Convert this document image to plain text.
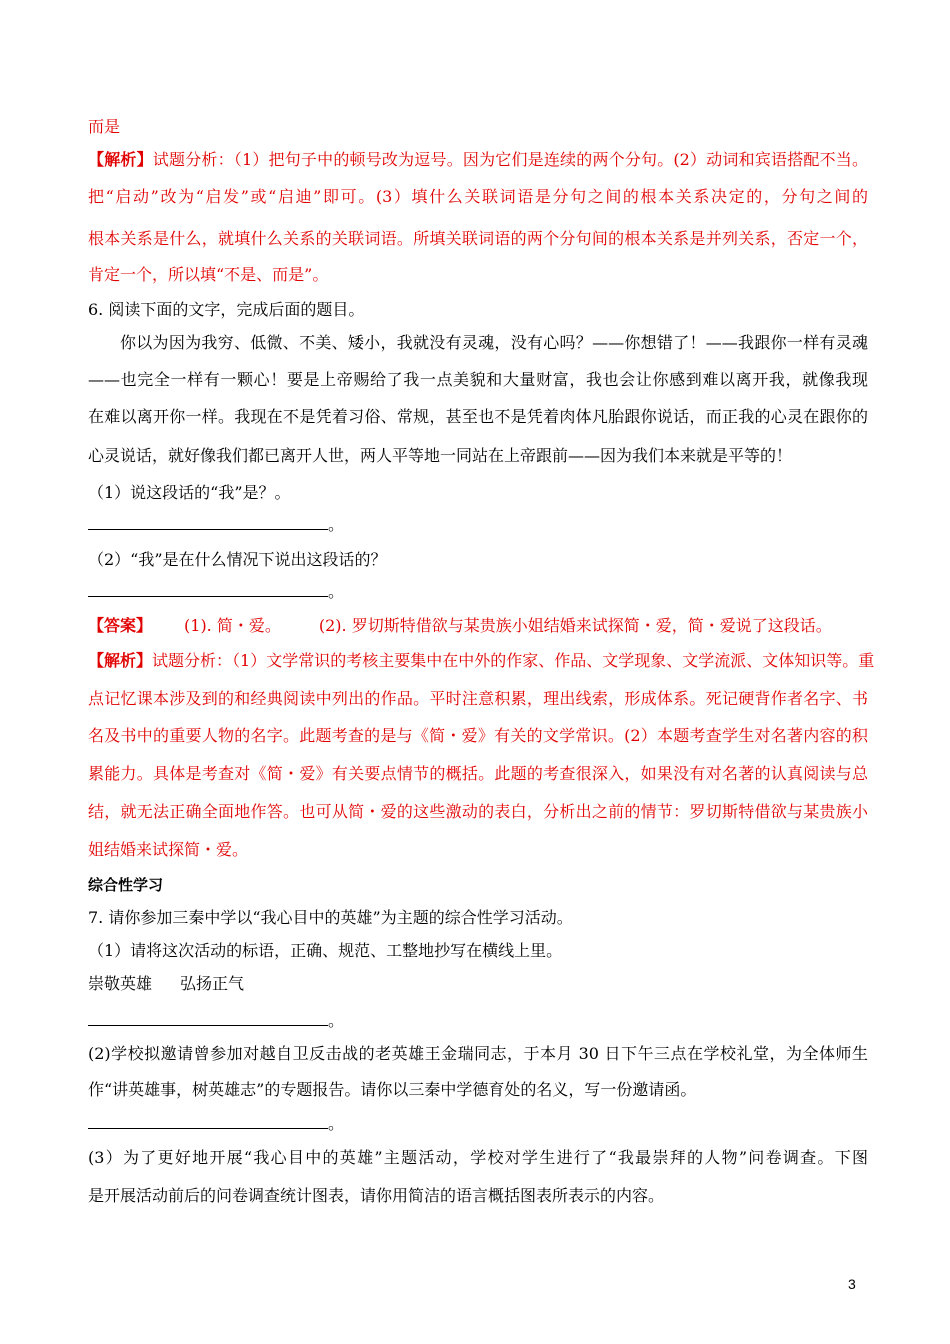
而是
【解析】试题分析：（1）把句子中的顿号改为逗号。因为它们是连续的两个分句。(2）动词和宾语搭配不当。
把“启动”改为“启发”或“启迪”即可。(3）填什么关联词语是分句之间的根本关系决定的，分句之间的
根本关系是什么，就填什么关系的关联词语。所填关联词语的两个分句间的根本关系是并列关系，否定一个，
肯定一个，所以填“不是、而是”。
6. 阅读下面的文字，完成后面的题目。
你以为因为我穷、低微、不美、矮小，我就没有灵魂，没有心吗？——你想错了！——我跟你一样有灵魂
——也完全一样有一颗心！要是上帝赐给了我一点美貌和大量财富，我也会让你感到难以离开我，就像我现
在难以离开你一样。我现在不是凭着习俗、常规，甚至也不是凭着肉体凡胎跟你说话，而正我的心灵在跟你的
心灵说话，就好像我们都已离开人世，两人平等地一同站在上帝跟前——因为我们本来就是平等的！
（1）说这段话的“我”是？。
。
（2）“我”是在什么情况下说出这段话的？
。
【答案】 (1). 简・爱。 (2). 罗切斯特借欲与某贵族小姐结婚来试探简・爱，简・爱说了这段话。
【解析】试题分析：（1）文学常识的考核主要集中在中外的作家、作品、文学现象、文学流派、文体知识等。重
点记忆课本涉及到的和经典阅读中列出的作品。平时注意积累，理出线索，形成体系。死记硬背作者名字、书
名及书中的重要人物的名字。此题考查的是与《简・爱》有关的文学常识。(2）本题考查学生对名著内容的积
累能力。具体是考查对《简・爱》有关要点情节的概括。此题的考查很深入，如果没有对名著的认真阅读与总
结，就无法正确全面地作答。也可从简・爱的这些激动的表白，分析出之前的情节：罗切斯特借欲与某贵族小
姐结婚来试探简・爱。
综合性学习
7. 请你参加三秦中学以“我心目中的英雄”为主题的综合性学习活动。
（1）请将这次活动的标语，正确、规范、工整地抄写在横线上里。
崇敬英雄 弘扬正气
。
(2)学校拟邀请曾参加对越自卫反击战的老英雄王金瑞同志，于本月 30 日下午三点在学校礼堂，为全体师生
作“讲英雄事，树英雄志”的专题报告。请你以三秦中学德育处的名义，写一份邀请函。
。
(3）为了更好地开展“我心目中的英雄”主题活动，学校对学生进行了“我最崇拜的人物”问卷调查。下图
是开展活动前后的问卷调查统计图表，请你用简洁的语言概括图表所表示的内容。
3
